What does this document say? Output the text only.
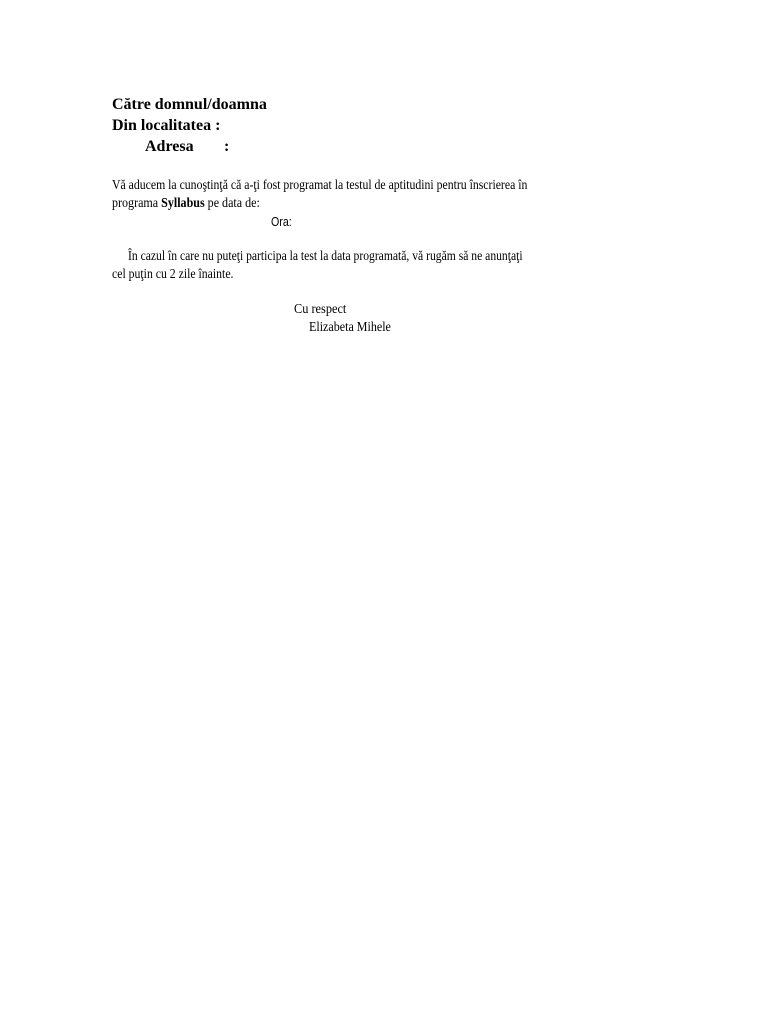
Către domnul/doamna
Din localitatea :
Adresa :
Vă aducem la cunoştinţă că a-ţi fost programat la testul de aptitudini pentru înscrierea în
programa Syllabus pe data de:
Ora:
În cazul în care nu puteţi participa la test la data programată, vă rugăm să ne anunţaţi
cel puţin cu 2 zile înainte.
Cu respect
Elizabeta Mihele
